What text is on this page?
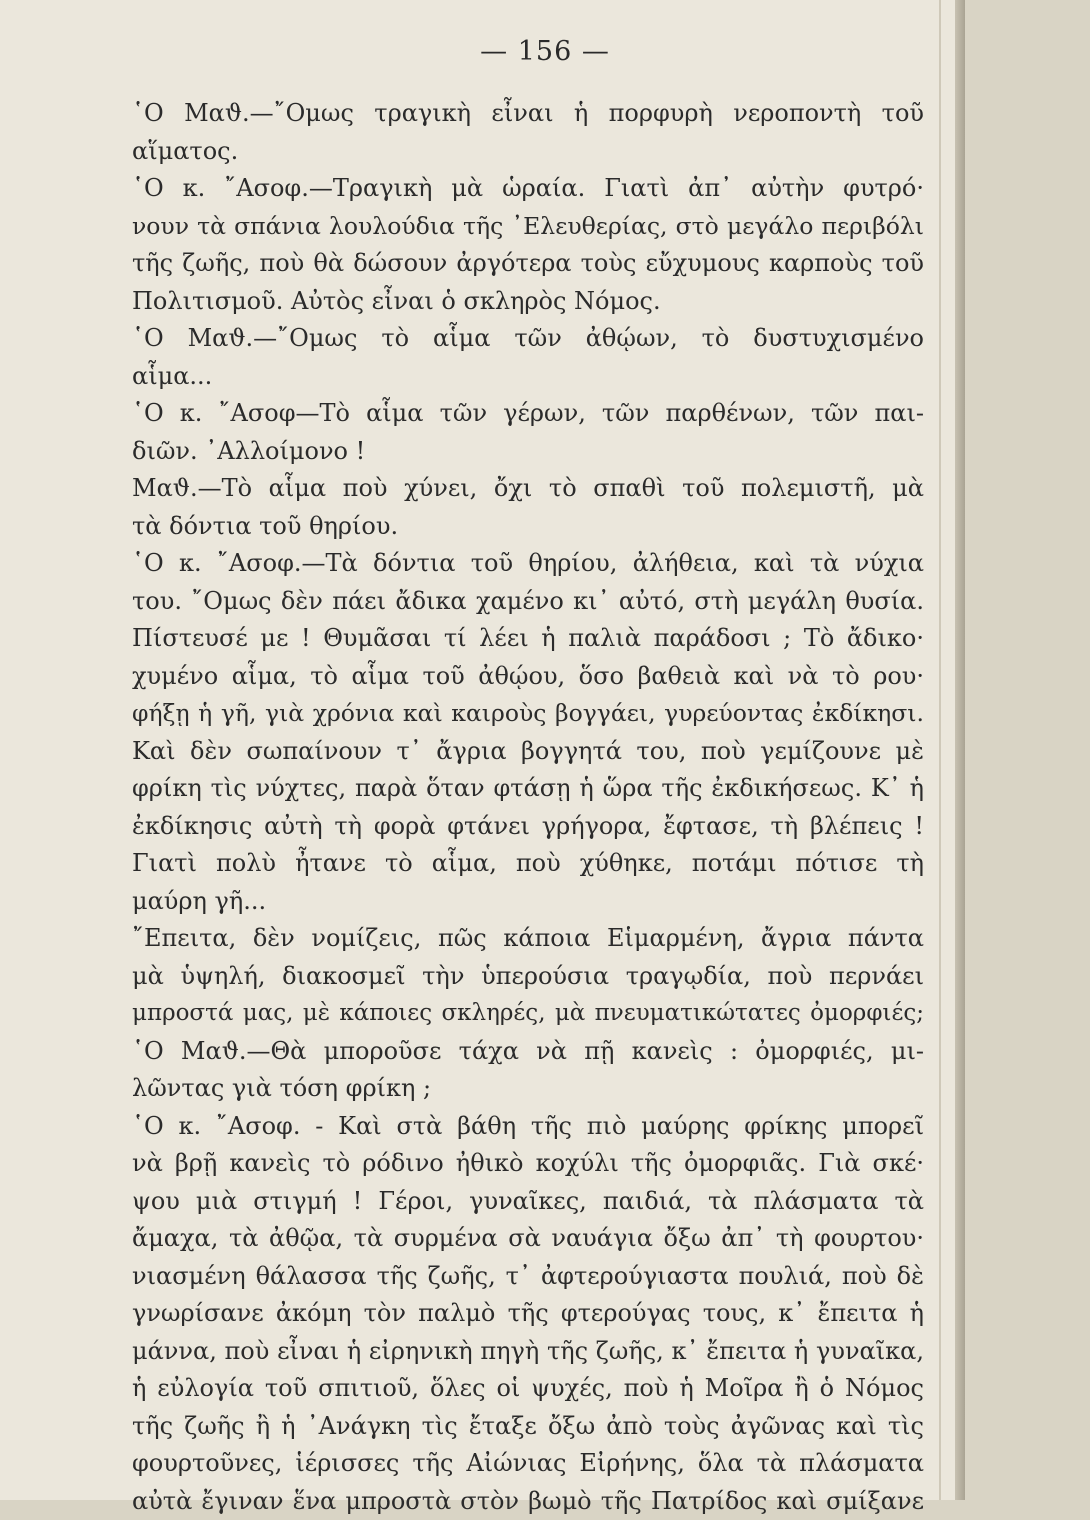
— 156 —
῾Ο Μαϑ.—῎Ομως τραγικὴ εἶναι ἡ πορφυρὴ νεροποντὴ τοῦ
αἵματος.
῾Ο κ. ῎Ασοφ.—Τραγικὴ μὰ ὡραία. Γιατὶ ἀπ᾽ αὐτὴν φυτρό·
νουν τὰ σπάνια λουλούδια τῆς ᾽Ελευθερίας, στὸ μεγάλο περιβόλι
τῆς ζωῆς, ποὺ θὰ δώσουν ἀργότερα τοὺς εὔχυμους καρποὺς τοῦ
Πολιτισμοῦ. Αὐτὸς εἶναι ὁ σκληρὸς Νόμος.
῾Ο Μαϑ.—῎Ομως τὸ αἷμα τῶν ἀθῴων, τὸ δυστυχισμένο
αἷμα...
῾Ο κ. ῎Ασοφ—Τὸ αἷμα τῶν γέρων, τῶν παρθένων, τῶν παι-
διῶν. ᾽Αλλοίμονο !
Μαϑ.—Τὸ αἷμα ποὺ χύνει, ὄχι τὸ σπαθὶ τοῦ πολεμιστῆ, μὰ
τὰ δόντια τοῦ θηρίου.
῾Ο κ. ῎Ασοφ.—Τὰ δόντια τοῦ θηρίου, ἀλήθεια, καὶ τὰ νύχια
του. ῎Ομως δὲν πάει ἄδικα χαμένο κι᾽ αὐτό, στὴ μεγάλη θυσία.
Πίστευσέ με ! Θυμᾶσαι τί λέει ἡ παλιὰ παράδοσι ; Τὸ ἄδικο·
χυμένο αἷμα, τὸ αἷμα τοῦ ἀθῴου, ὅσο βαθειὰ καὶ νὰ τὸ ρου·
φήξῃ ἡ γῆ, γιὰ χρόνια καὶ καιροὺς βογγάει, γυρεύοντας ἐκδίκησι.
Καὶ δὲν σωπαίνουν τ᾽ ἄγρια βογγητά του, ποὺ γεμίζουνε μὲ
φρίκη τὶς νύχτες, παρὰ ὅταν φτάσῃ ἡ ὥρα τῆς ἐκδικήσεως. Κ᾽ ἡ
ἐκδίκησις αὐτὴ τὴ φορὰ φτάνει γρήγορα, ἔφτασε, τὴ βλέπεις !
Γιατὶ πολὺ ἦτανε τὸ αἷμα, ποὺ χύθηκε, ποτάμι πότισε τὴ
μαύρη γῆ...
῎Επειτα, δὲν νομίζεις, πῶς κάποια Εἱμαρμένη, ἄγρια πάντα
μὰ ὑψηλή, διακοσμεῖ τὴν ὑπερούσια τραγῳδία, ποὺ περνάει
μπροστά μας, μὲ κάποιες σκληρές, μὰ πνευματικώτατες ὀμορφιές;
῾Ο Μαϑ.—Θὰ μποροῦσε τάχα νὰ πῇ κανεὶς : ὀμορφιές, μι-
λῶντας γιὰ τόση φρίκη ;
῾Ο κ. ῎Ασοφ. - Καὶ στὰ βάθη τῆς πιὸ μαύρης φρίκης μπορεῖ
νὰ βρῇ κανεὶς τὸ ρόδινο ἠθικὸ κοχύλι τῆς ὀμορφιᾶς. Γιὰ σκέ·
ψου μιὰ στιγμή ! Γέροι, γυναῖκες, παιδιά, τὰ πλάσματα τὰ
ἄμαχα, τὰ ἀθῷα, τὰ συρμένα σὰ ναυάγια ὄξω ἀπ᾽ τὴ φουρτου·
νιασμένη θάλασσα τῆς ζωῆς, τ᾽ ἀφτερούγιαστα πουλιά, ποὺ δὲ
γνωρίσανε ἀκόμη τὸν παλμὸ τῆς φτερούγας τους, κ᾽ ἔπειτα ἡ
μάννα, ποὺ εἶναι ἡ εἰρηνικὴ πηγὴ τῆς ζωῆς, κ᾽ ἔπειτα ἡ γυναῖκα,
ἡ εὐλογία τοῦ σπιτιοῦ, ὅλες οἱ ψυχές, ποὺ ἡ Μοῖρα ἢ ὁ Νόμος
τῆς ζωῆς ἢ ἡ ᾽Ανάγκη τὶς ἔταξε ὄξω ἀπὸ τοὺς ἀγῶνας καὶ τὶς
φουρτοῦνες, ἱέρισσες τῆς Αἰώνιας Εἰρήνης, ὅλα τὰ πλάσματα
αὐτὰ ἔγιναν ἕνα μπροστὰ στὸν βωμὸ τῆς Πατρίδος καὶ σμίξανε
